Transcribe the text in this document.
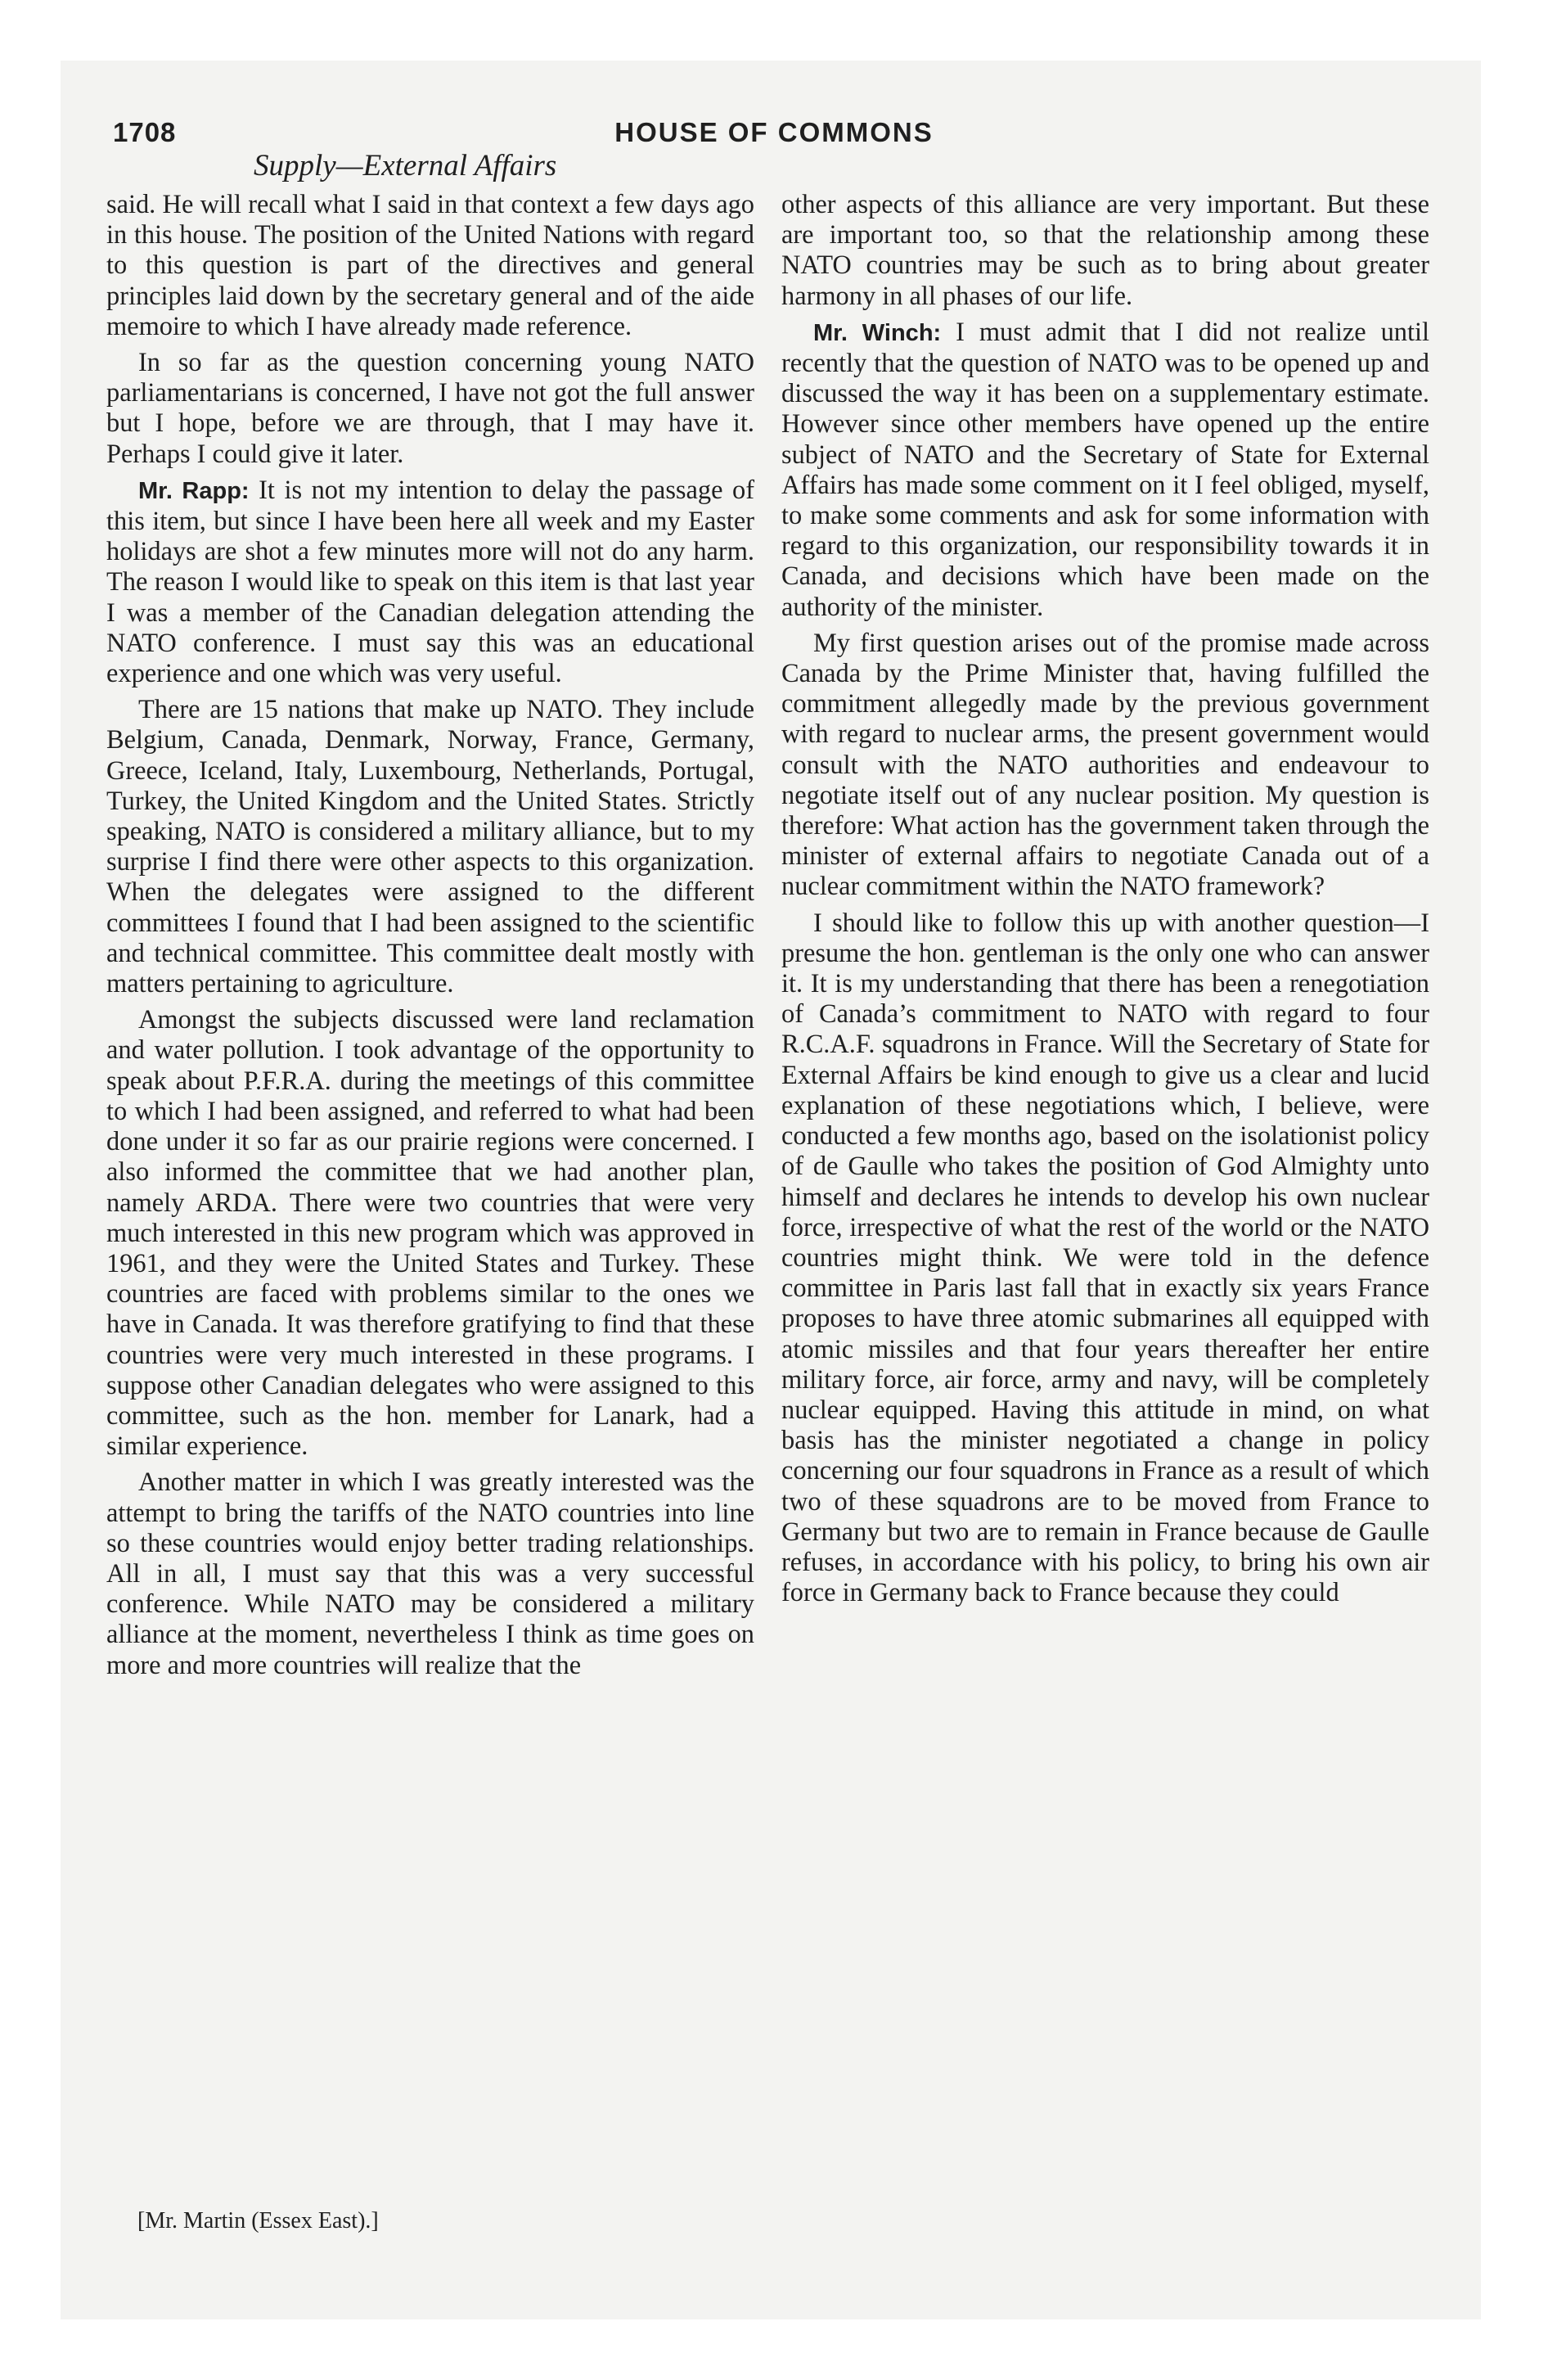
1708	HOUSE OF COMMONS
Supply—External Affairs

said. He will recall what I said in that context a few days ago in this house. The position of the United Nations with regard to this question is part of the directives and general principles laid down by the secretary general and of the aide memoire to which I have already made reference.

In so far as the question concerning young NATO parliamentarians is concerned, I have not got the full answer but I hope, before we are through, that I may have it. Perhaps I could give it later.

Mr. Rapp: It is not my intention to delay the passage of this item, but since I have been here all week and my Easter holidays are shot a few minutes more will not do any harm. The reason I would like to speak on this item is that last year I was a member of the Canadian delegation attending the NATO conference. I must say this was an educational experience and one which was very useful.

There are 15 nations that make up NATO. They include Belgium, Canada, Denmark, Norway, France, Germany, Greece, Iceland, Italy, Luxembourg, Netherlands, Portugal, Turkey, the United Kingdom and the United States. Strictly speaking, NATO is considered a military alliance, but to my surprise I find there were other aspects to this organization. When the delegates were assigned to the different committees I found that I had been assigned to the scientific and technical committee. This committee dealt mostly with matters pertaining to agriculture.

Amongst the subjects discussed were land reclamation and water pollution. I took advantage of the opportunity to speak about P.F.R.A. during the meetings of this committee to which I had been assigned, and referred to what had been done under it so far as our prairie regions were concerned. I also informed the committee that we had another plan, namely ARDA. There were two countries that were very much interested in this new program which was approved in 1961, and they were the United States and Turkey. These countries are faced with problems similar to the ones we have in Canada. It was therefore gratifying to find that these countries were very much interested in these programs. I suppose other Canadian delegates who were assigned to this committee, such as the hon. member for Lanark, had a similar experience.

Another matter in which I was greatly interested was the attempt to bring the tariffs of the NATO countries into line so these countries would enjoy better trading relationships. All in all, I must say that this was a very successful conference. While NATO may be considered a military alliance at the moment, nevertheless I think as time goes on more and more countries will realize that the

other aspects of this alliance are very important. But these are important too, so that the relationship among these NATO countries may be such as to bring about greater harmony in all phases of our life.

Mr. Winch: I must admit that I did not realize until recently that the question of NATO was to be opened up and discussed the way it has been on a supplementary estimate. However since other members have opened up the entire subject of NATO and the Secretary of State for External Affairs has made some comment on it I feel obliged, myself, to make some comments and ask for some information with regard to this organization, our responsibility towards it in Canada, and decisions which have been made on the authority of the minister.

My first question arises out of the promise made across Canada by the Prime Minister that, having fulfilled the commitment allegedly made by the previous government with regard to nuclear arms, the present government would consult with the NATO authorities and endeavour to negotiate itself out of any nuclear position. My question is therefore: What action has the government taken through the minister of external affairs to negotiate Canada out of a nuclear commitment within the NATO framework?

I should like to follow this up with another question—I presume the hon. gentleman is the only one who can answer it. It is my understanding that there has been a renegotiation of Canada’s commitment to NATO with regard to four R.C.A.F. squadrons in France. Will the Secretary of State for External Affairs be kind enough to give us a clear and lucid explanation of these negotiations which, I believe, were conducted a few months ago, based on the isolationist policy of de Gaulle who takes the position of God Almighty unto himself and declares he intends to develop his own nuclear force, irrespective of what the rest of the world or the NATO countries might think. We were told in the defence committee in Paris last fall that in exactly six years France proposes to have three atomic submarines all equipped with atomic missiles and that four years thereafter her entire military force, air force, army and navy, will be completely nuclear equipped. Having this attitude in mind, on what basis has the minister negotiated a change in policy concerning our four squadrons in France as a result of which two of these squadrons are to be moved from France to Germany but two are to remain in France because de Gaulle refuses, in accordance with his policy, to bring his own air force in Germany back to France because they could

[Mr. Martin (Essex East).]
